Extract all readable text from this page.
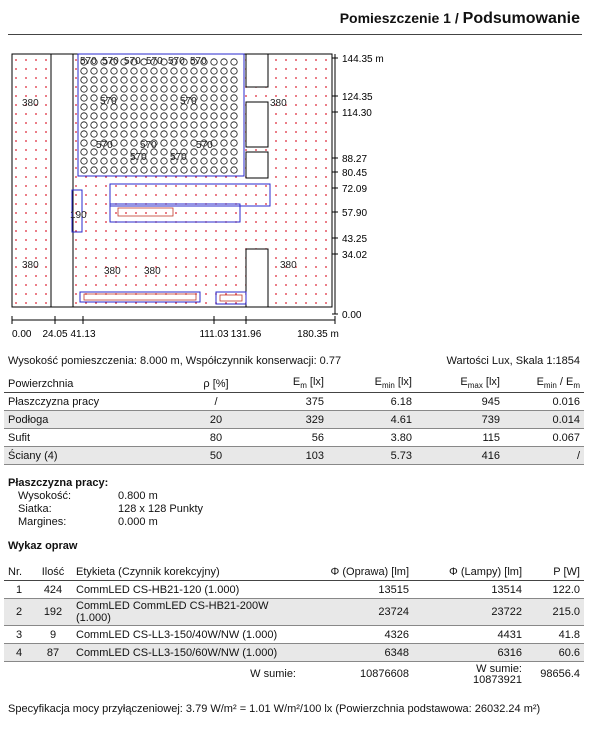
Pomieszczenie 1 / Podsumowanie
380	380
380	380
380 380
570 570 570 570 570 570
570	570
570	570	570
570 570
190
144.35 m
124.35
114.30
88.27
80.45
72.09
57.90
43.25
34.02
0.00
0.00 24.05 41.13	111.03 131.96	180.35 m
Wysokość pomieszczenia: 8.000 m, Współczynnik konserwacji: 0.77	Wartości Lux, Skala 1:1854
Powierzchnia	ρ [%]	$E_m$ [lx]	$E_{min}$ [lx]	$E_{max}$ [lx]	$E_{min} / E_m$
Płaszczyzna pracy	/	375	6.18	945	0.016
Podłoga	20	329	4.61	739	0.014
Sufit	80	56	3.80	115	0.067
Ściany (4)	50	103	5.73	416	/
Płaszczyzna pracy:
Wysokość:	0.800 m
Siatka:	128 x 128 Punkty
Margines:	0.000 m
Wykaz opraw
Nr.	Ilość	Etykieta (Czynnik korekcyjny)	Φ (Oprawa) [lm]	Φ (Lampy) [lm]	P [W]
1	424	CommLED CS-HB21-120 (1.000)	13515	13514	122.0
2	192	CommLED CommLED CS-HB21-200W
(1.000)	23724	23722	215.0
3	9	CommLED CS-LL3-150/40W/NW (1.000)	4326	4431	41.8
4	87	CommLED CS-LL3-150/60W/NW (1.000)	6348	6316	60.6
		W sumie:	10876608	W sumie:
10873921	98656.4
Specyfikacja mocy przyłączeniowej: 3.79 W/m² = 1.01 W/m²/100 lx (Powierzchnia podstawowa: 26032.24 m²)
